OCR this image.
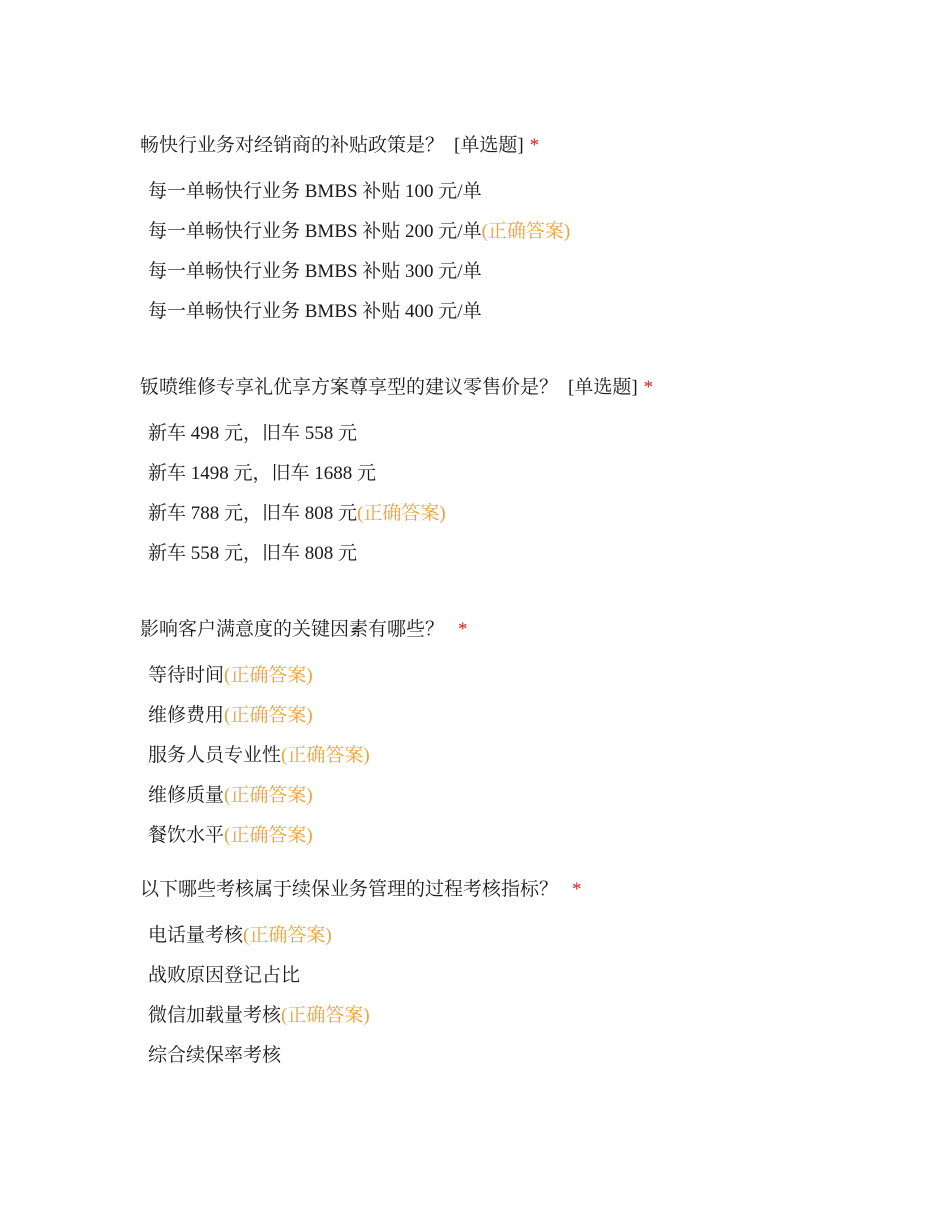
畅快行业务对经销商的补贴政策是？ [单选题] *
每一单畅快行业务 BMBS 补贴 100 元/单
每一单畅快行业务 BMBS 补贴 200 元/单(正确答案)
每一单畅快行业务 BMBS 补贴 300 元/单
每一单畅快行业务 BMBS 补贴 400 元/单
钣喷维修专享礼优享方案尊享型的建议零售价是？ [单选题] *
新车 498 元，旧车 558 元
新车 1498 元，旧车 1688 元
新车 788 元，旧车 808 元(正确答案)
新车 558 元，旧车 808 元
影响客户满意度的关键因素有哪些？ *
等待时间(正确答案)
维修费用(正确答案)
服务人员专业性(正确答案)
维修质量(正确答案)
餐饮水平(正确答案)
以下哪些考核属于续保业务管理的过程考核指标？ *
电话量考核(正确答案)
战败原因登记占比
微信加载量考核(正确答案)
综合续保率考核
